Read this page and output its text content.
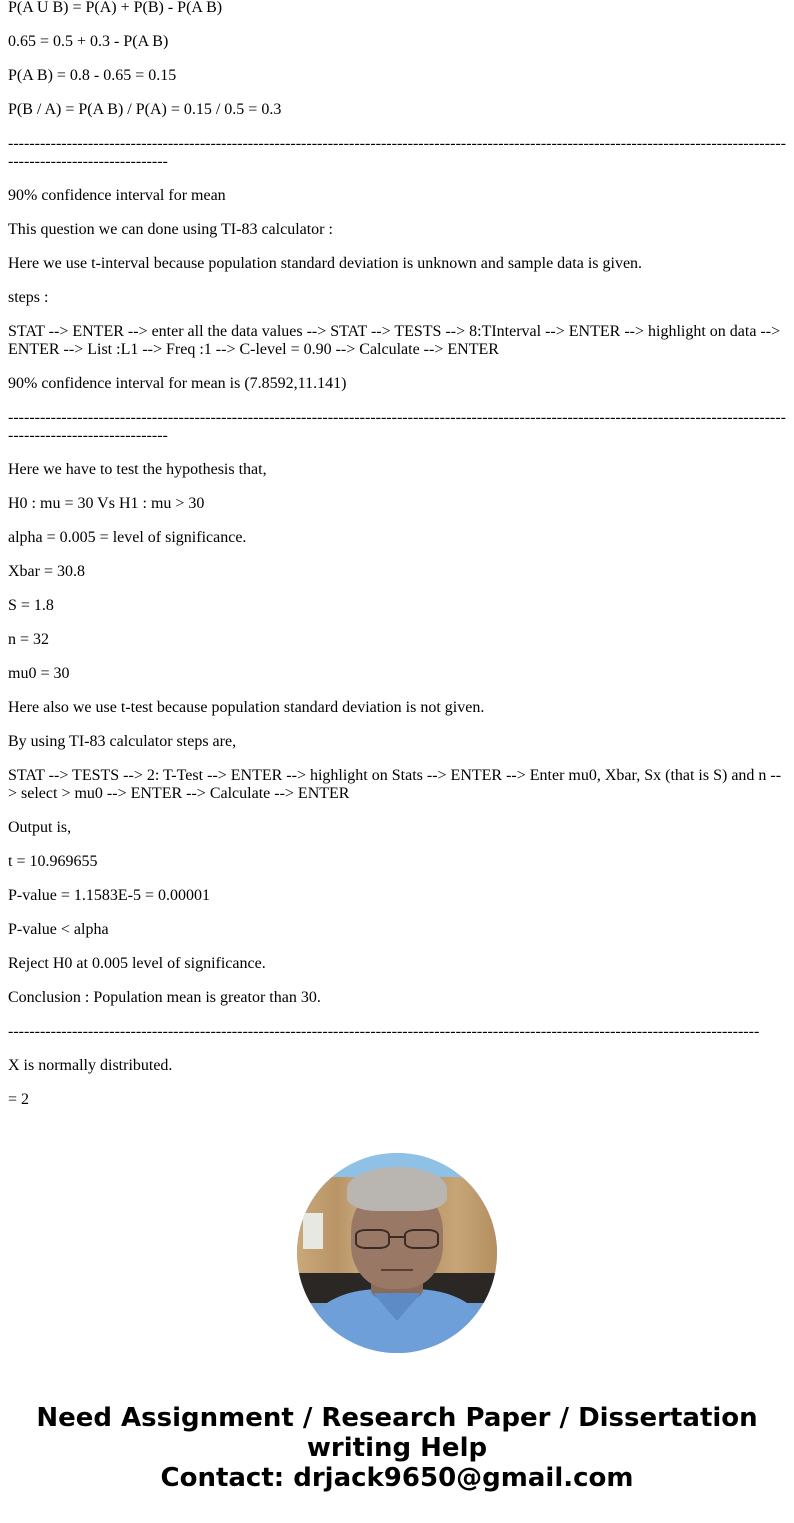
P(A U B) = P(A) + P(B) - P(A B)

0.65 = 0.5 + 0.3 - P(A B)

P(A B) = 0.8 - 0.65 = 0.15

P(B / A) = P(A B) / P(A) = 0.15 / 0.5 = 0.3

--------------------------------------------------------------------------------------------------------------------------------------------------------------------------------

90% confidence interval for mean

This question we can done using TI-83 calculator :

Here we use t-interval because population standard deviation is unknown and sample data is given.

steps :

STAT --> ENTER --> enter all the data values --> STAT --> TESTS --> 8:TInterval --> ENTER --> highlight on data --> ENTER --> List :L1 --> Freq :1 --> C-level = 0.90 --> Calculate --> ENTER

90% confidence interval for mean is (7.8592,11.141)

--------------------------------------------------------------------------------------------------------------------------------------------------------------------------------

Here we have to test the hypothesis that,

H0 : mu = 30 Vs H1 : mu > 30

alpha = 0.005 = level of significance.

Xbar = 30.8

S = 1.8

n = 32

mu0 = 30

Here also we use t-test because population standard deviation is not given.

By using TI-83 calculator steps are,

STAT --> TESTS --> 2: T-Test --> ENTER --> highlight on Stats --> ENTER --> Enter mu0, Xbar, Sx (that is S) and n --> select > mu0 --> ENTER --> Calculate --> ENTER

Output is,

t = 10.969655

P-value = 1.1583E-5 = 0.00001

P-value < alpha

Reject H0 at 0.005 level of significance.

Conclusion : Population mean is greator than 30.

---------------------------------------------------------------------------------------------------------------------------------------------

X is normally distributed.

= 2

Need Assignment / Research Paper / Dissertation
writing Help
Contact: drjack9650@gmail.com
